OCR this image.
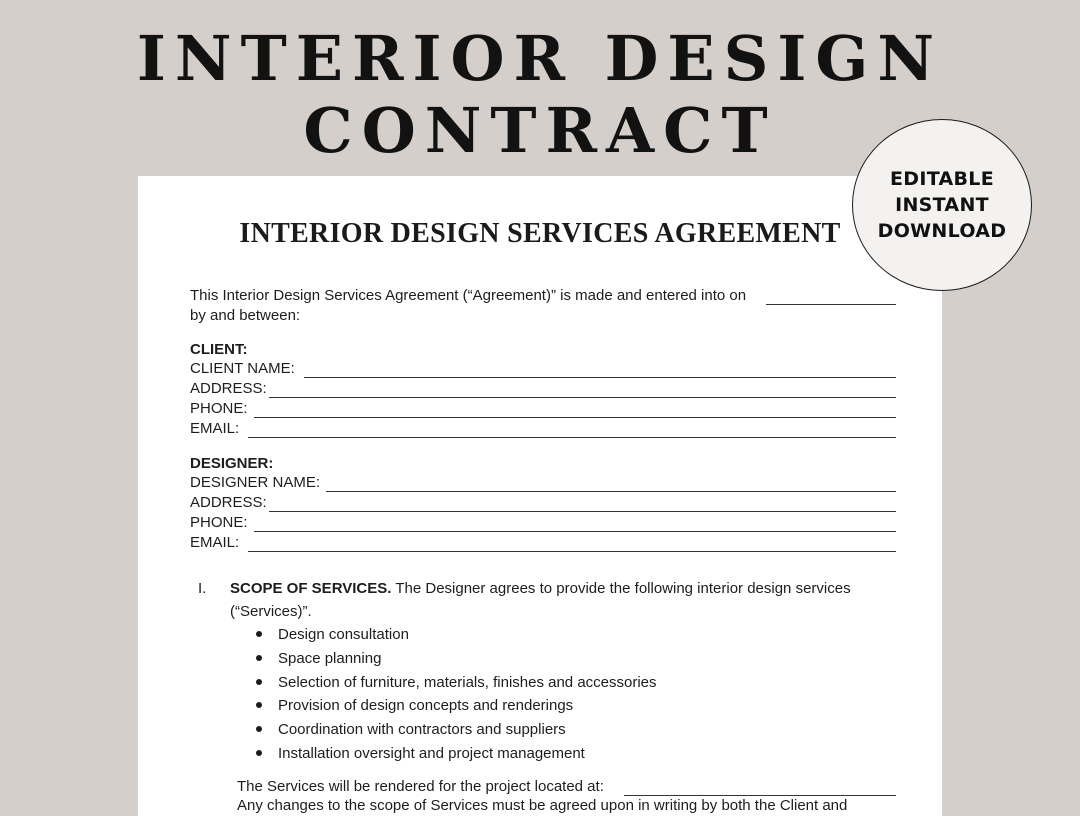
INTERIOR DESIGN
CONTRACT
INTERIOR DESIGN SERVICES AGREEMENT
This Interior Design Services Agreement (“Agreement)” is made and entered into on
by and between:
CLIENT:
CLIENT NAME:
ADDRESS:
PHONE:
EMAIL:
DESIGNER:
DESIGNER NAME:
ADDRESS:
PHONE:
EMAIL:
I. SCOPE OF SERVICES. The Designer agrees to provide the following interior design services
(“Services)”.
Design consultation
Space planning
Selection of furniture, materials, finishes and accessories
Provision of design concepts and renderings
Coordination with contractors and suppliers
Installation oversight and project management
The Services will be rendered for the project located at:
Any changes to the scope of Services must be agreed upon in writing by both the Client and
EDITABLE
INSTANT
DOWNLOAD
